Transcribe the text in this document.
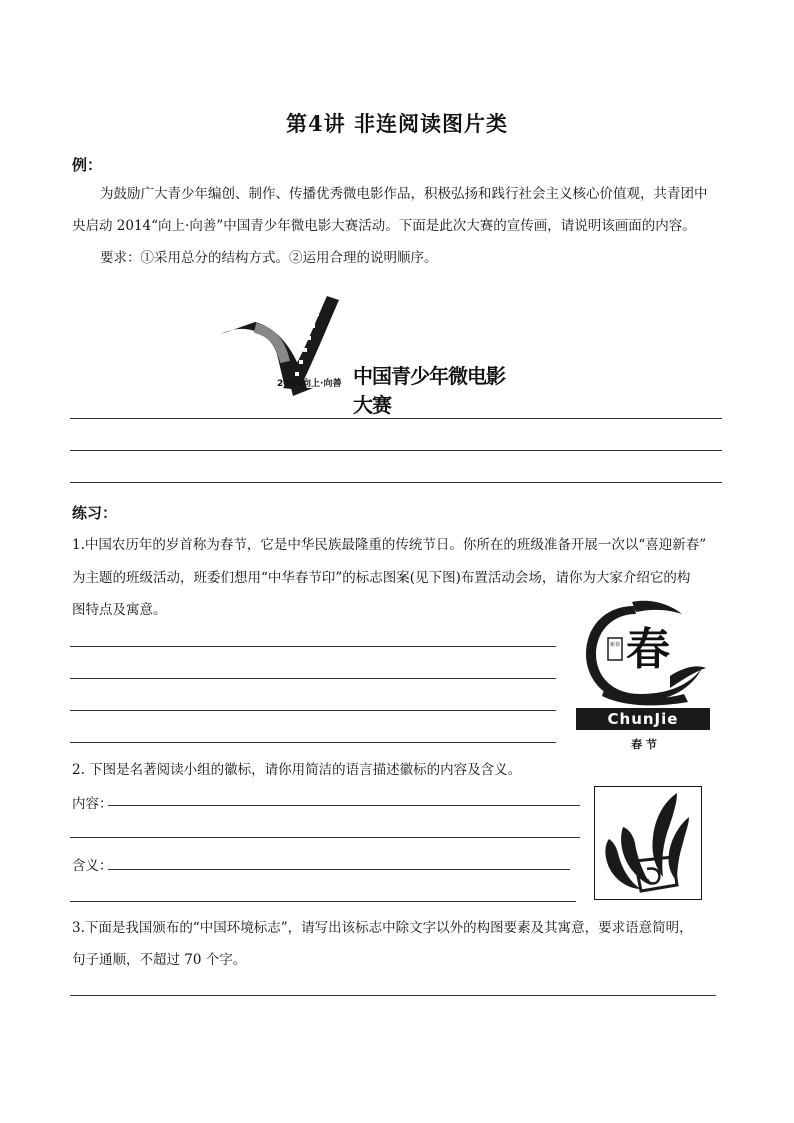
第4讲 非连阅读图片类
例：
为鼓励广大青少年编创、制作、传播优秀微电影作品，积极弘扬和践行社会主义核心价值观，共青团中
央启动 2014“向上·向善”中国青少年微电影大赛活动。下面是此次大赛的宣传画，请说明该画面的内容。
要求：①采用总分的结构方式。②运用合理的说明顺序。
2014向上·向善 中国青少年微电影大赛
练习：
1.中国农历年的岁首称为春节，它是中华民族最隆重的传统节日。你所在的班级准备开展一次以“喜迎新春”
为主题的班级活动，班委们想用“中华春节印”的标志图案(见下图)布置活动会场，请你为大家介绍它的构
图特点及寓意。
新春 春
ChunJie
春 节
2. 下图是名著阅读小组的徽标，请你用简洁的语言描述徽标的内容及含义。
内容：
含义：
3.下面是我国颁布的“中国环境标志”，请写出该标志中除文字以外的构图要素及其寓意，要求语意简明，
句子通顺，不超过 70 个字。
